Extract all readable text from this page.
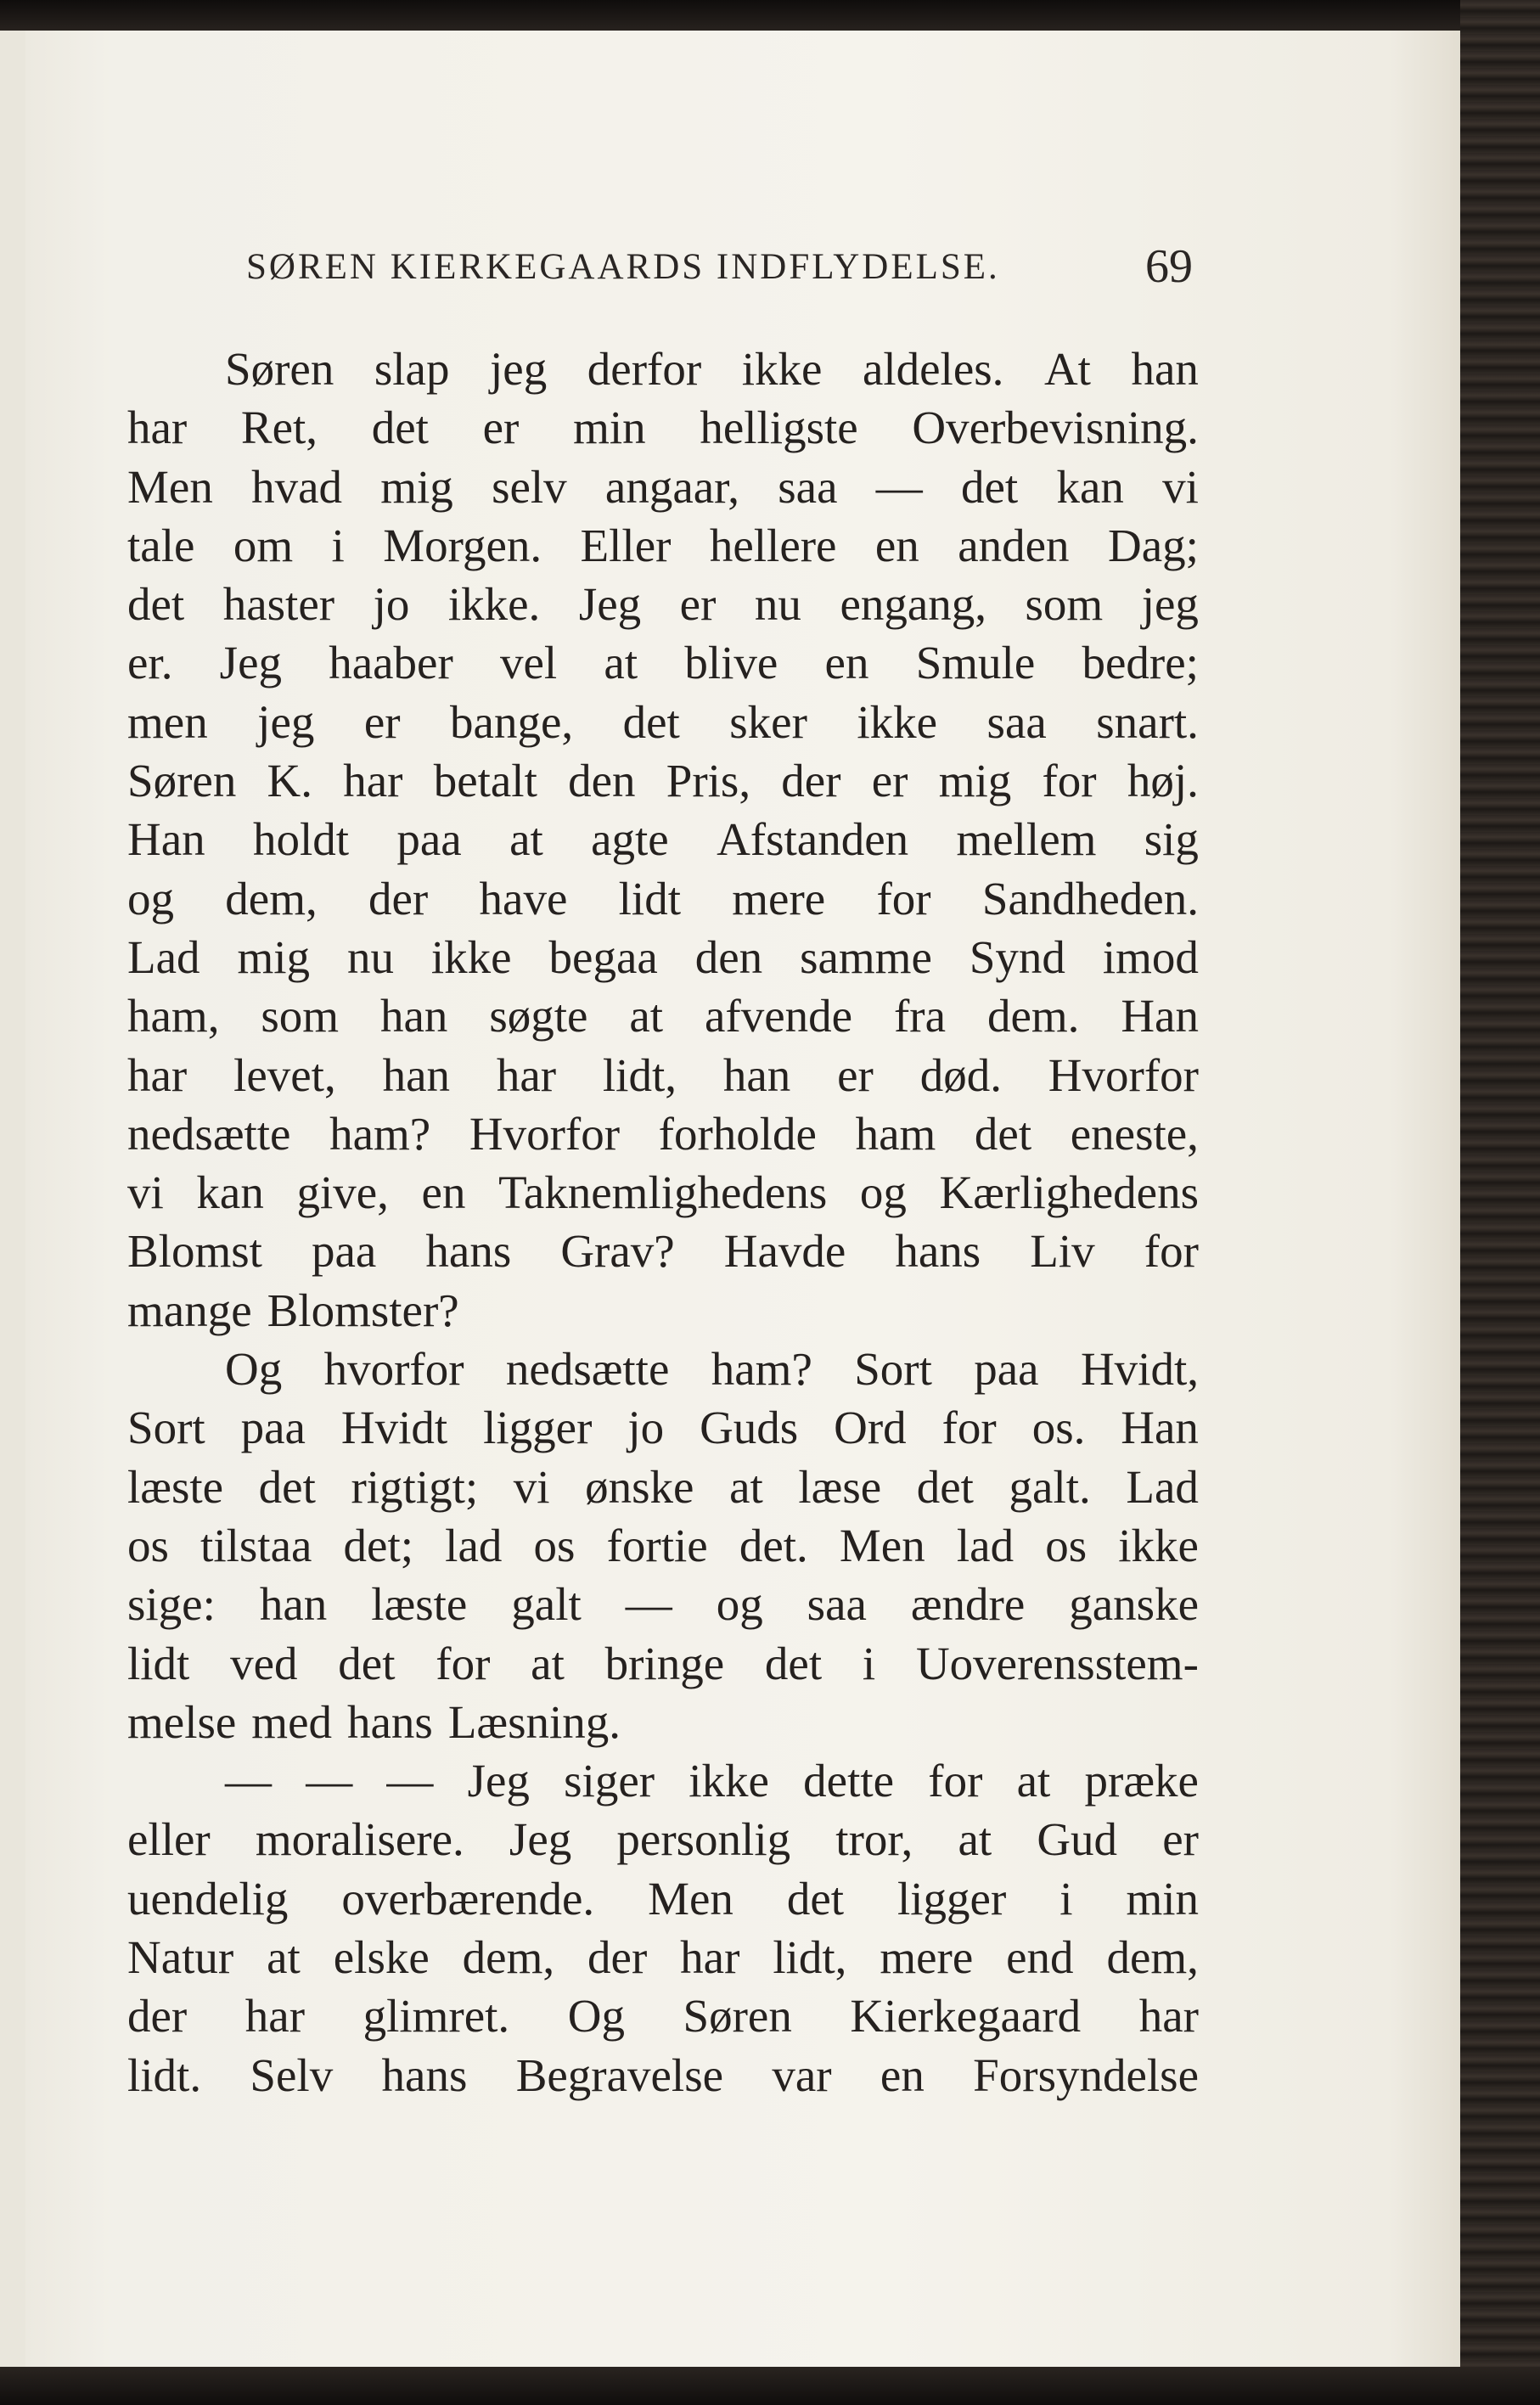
SØREN KIERKEGAARDS INDFLYDELSE.	69
Søren slap jeg derfor ikke aldeles. At han
har Ret, det er min helligste Overbevisning.
Men hvad mig selv angaar, saa — det kan vi
tale om i Morgen. Eller hellere en anden Dag;
det haster jo ikke. Jeg er nu engang, som jeg
er. Jeg haaber vel at blive en Smule bedre;
men jeg er bange, det sker ikke saa snart.
Søren K. har betalt den Pris, der er mig for høj.
Han holdt paa at agte Afstanden mellem sig
og dem, der have lidt mere for Sandheden.
Lad mig nu ikke begaa den samme Synd imod
ham, som han søgte at afvende fra dem. Han
har levet, han har lidt, han er død. Hvorfor
nedsætte ham? Hvorfor forholde ham det eneste,
vi kan give, en Taknemlighedens og Kærlighedens
Blomst paa hans Grav? Havde hans Liv for
mange Blomster?
Og hvorfor nedsætte ham? Sort paa Hvidt,
Sort paa Hvidt ligger jo Guds Ord for os. Han
læste det rigtigt; vi ønske at læse det galt. Lad
os tilstaa det; lad os fortie det. Men lad os ikke
sige: han læste galt — og saa ændre ganske
lidt ved det for at bringe det i Uoverensstem-
melse med hans Læsning.
— — — Jeg siger ikke dette for at præke
eller moralisere. Jeg personlig tror, at Gud er
uendelig overbærende. Men det ligger i min
Natur at elske dem, der har lidt, mere end dem,
der har glimret. Og Søren Kierkegaard har
lidt. Selv hans Begravelse var en Forsyndelse
